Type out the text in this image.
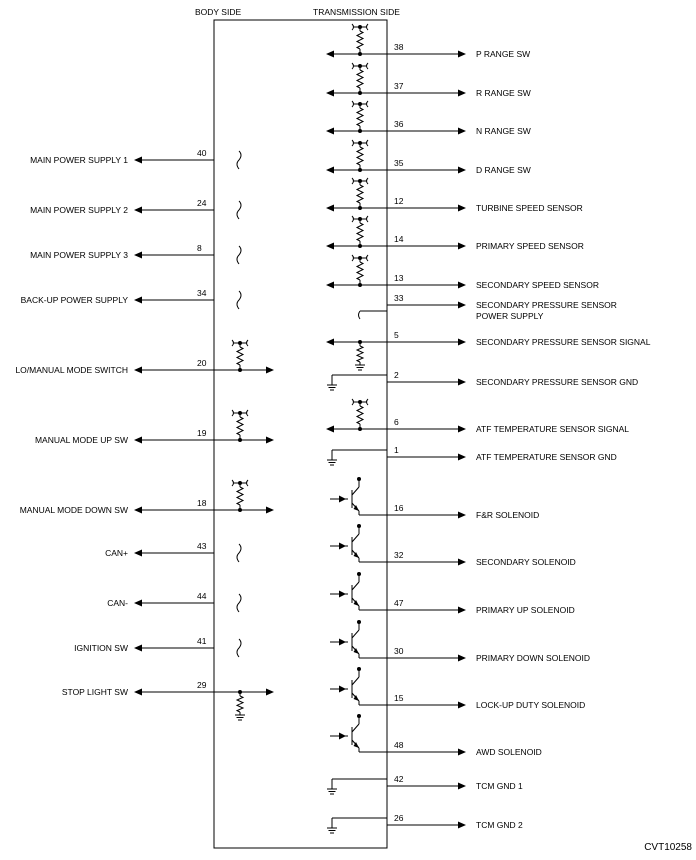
BODY SIDE	TRANSMISSION SIDE
MAIN POWER SUPPLY 1
40
MAIN POWER SUPPLY 2
24
MAIN POWER SUPPLY 3
8
BACK-UP POWER SUPPLY
34
LO/MANUAL MODE SWITCH
20
MANUAL MODE UP SW
19
MANUAL MODE DOWN SW
18
CAN+
43
CAN-
44
IGNITION SW
41
STOP LIGHT SW
29
P RANGE SW
38
R RANGE SW
37
N RANGE SW
36
D RANGE SW
35
TURBINE SPEED SENSOR
12
PRIMARY SPEED SENSOR
14
SECONDARY SPEED SENSOR
13
SECONDARY PRESSURE SENSOR
POWER SUPPLY
33
SECONDARY PRESSURE SENSOR SIGNAL
5
SECONDARY PRESSURE SENSOR GND
2
ATF TEMPERATURE SENSOR SIGNAL
6
ATF TEMPERATURE SENSOR GND
1
F&R SOLENOID
16
SECONDARY SOLENOID
32
PRIMARY UP SOLENOID
47
PRIMARY DOWN SOLENOID
30
LOCK-UP DUTY SOLENOID
15
AWD SOLENOID
48
TCM GND 1
42
TCM GND 2
26
CVT10258
